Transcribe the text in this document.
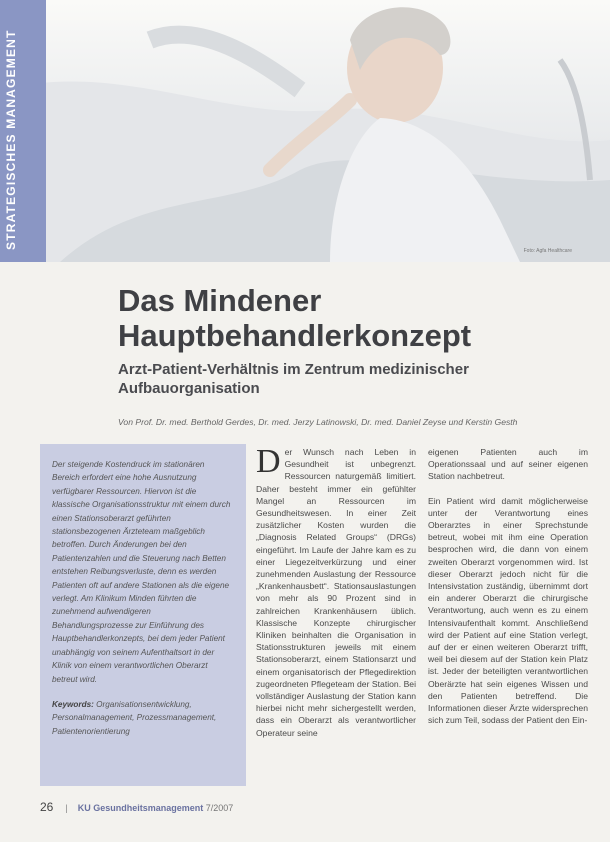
STRATEGISCHES MANAGEMENT
Foto: Agfa Healthcare
Das Mindener Hauptbehandlerkonzept
Arzt-Patient-Verhältnis im Zentrum medizinischer Aufbauorganisation
Von Prof. Dr. med. Berthold Gerdes, Dr. med. Jerzy Latinowski, Dr. med. Daniel Zeyse und Kerstin Gesth

Der steigende Kostendruck im stationären Bereich erfordert eine hohe Ausnutzung verfügbarer Ressourcen. Hiervon ist die klassische Organisationsstruktur mit einem durch einen Stationsoberarzt geführten stationsbezogenen Ärzteteam maßgeblich betroffen. Durch Änderungen bei den Patientenzahlen und die Steuerung nach Betten entstehen Reibungsverluste, denn es werden Patienten oft auf andere Stationen als die eigene verlegt. Am Klinikum Minden führten die zunehmend aufwendigeren Behandlungsprozesse zur Einführung des Hauptbehandlerkonzepts, bei dem jeder Patient unabhängig von seinem Aufenthaltsort in der Klinik von einem verantwortlichen Oberarzt betreut wird.

Keywords: Organisationsentwicklung, Personalmanagement, Prozessmanagement, Patientenorientierung

D er Wunsch nach Leben in Gesundheit ist unbegrenzt. Ressourcen naturgemäß limitiert. Daher besteht immer ein gefühlter Mangel an Ressourcen im Gesundheitswesen. In einer Zeit zusätzlicher Kosten wurden die „Diagnosis Related Groups“ (DRGs) eingeführt. Im Laufe der Jahre kam es zu einer Liegezeitverkürzung und einer zunehmenden Auslastung der Ressource „Krankenhausbett“. Stationsauslastungen von mehr als 90 Prozent sind in zahlreichen Krankenhäusern üblich. Klassische Konzepte chirurgischer Kliniken beinhalten die Organisation in Stationsstrukturen jeweils mit einem Stationsoberarzt, einem Stationsarzt und einem organisatorisch der Pflegedirektion zugeordneten Pflegeteam der Station. Bei vollständiger Auslastung der Station kann hierbei nicht mehr sichergestellt werden, dass ein Oberarzt als verantwortlicher Operateur seine

eigenen Patienten auch im Operationssaal und auf seiner eigenen Station nachbetreut.

Ein Patient wird damit möglicherweise unter der Verantwortung eines Oberarztes in einer Sprechstunde betreut, wobei mit ihm eine Operation besprochen wird, die dann von einem zweiten Oberarzt vorgenommen wird. Ist dieser Oberarzt jedoch nicht für die Intensivstation zuständig, übernimmt dort ein anderer Oberarzt die chirurgische Verantwortung, auch wenn es zu einem Intensivaufenthalt kommt. Anschließend wird der Patient auf eine Station verlegt, auf der er einen weiteren Oberarzt trifft, weil bei diesem auf der Station kein Platz ist. Jeder der beteiligten verantwortlichen Oberärzte hat sein eigenes Wissen und den Patienten betreffend. Die Informationen dieser Ärzte widersprechen sich zum Teil, sodass der Patient den Ein-

26 | KU Gesundheitsmanagement 7/2007
